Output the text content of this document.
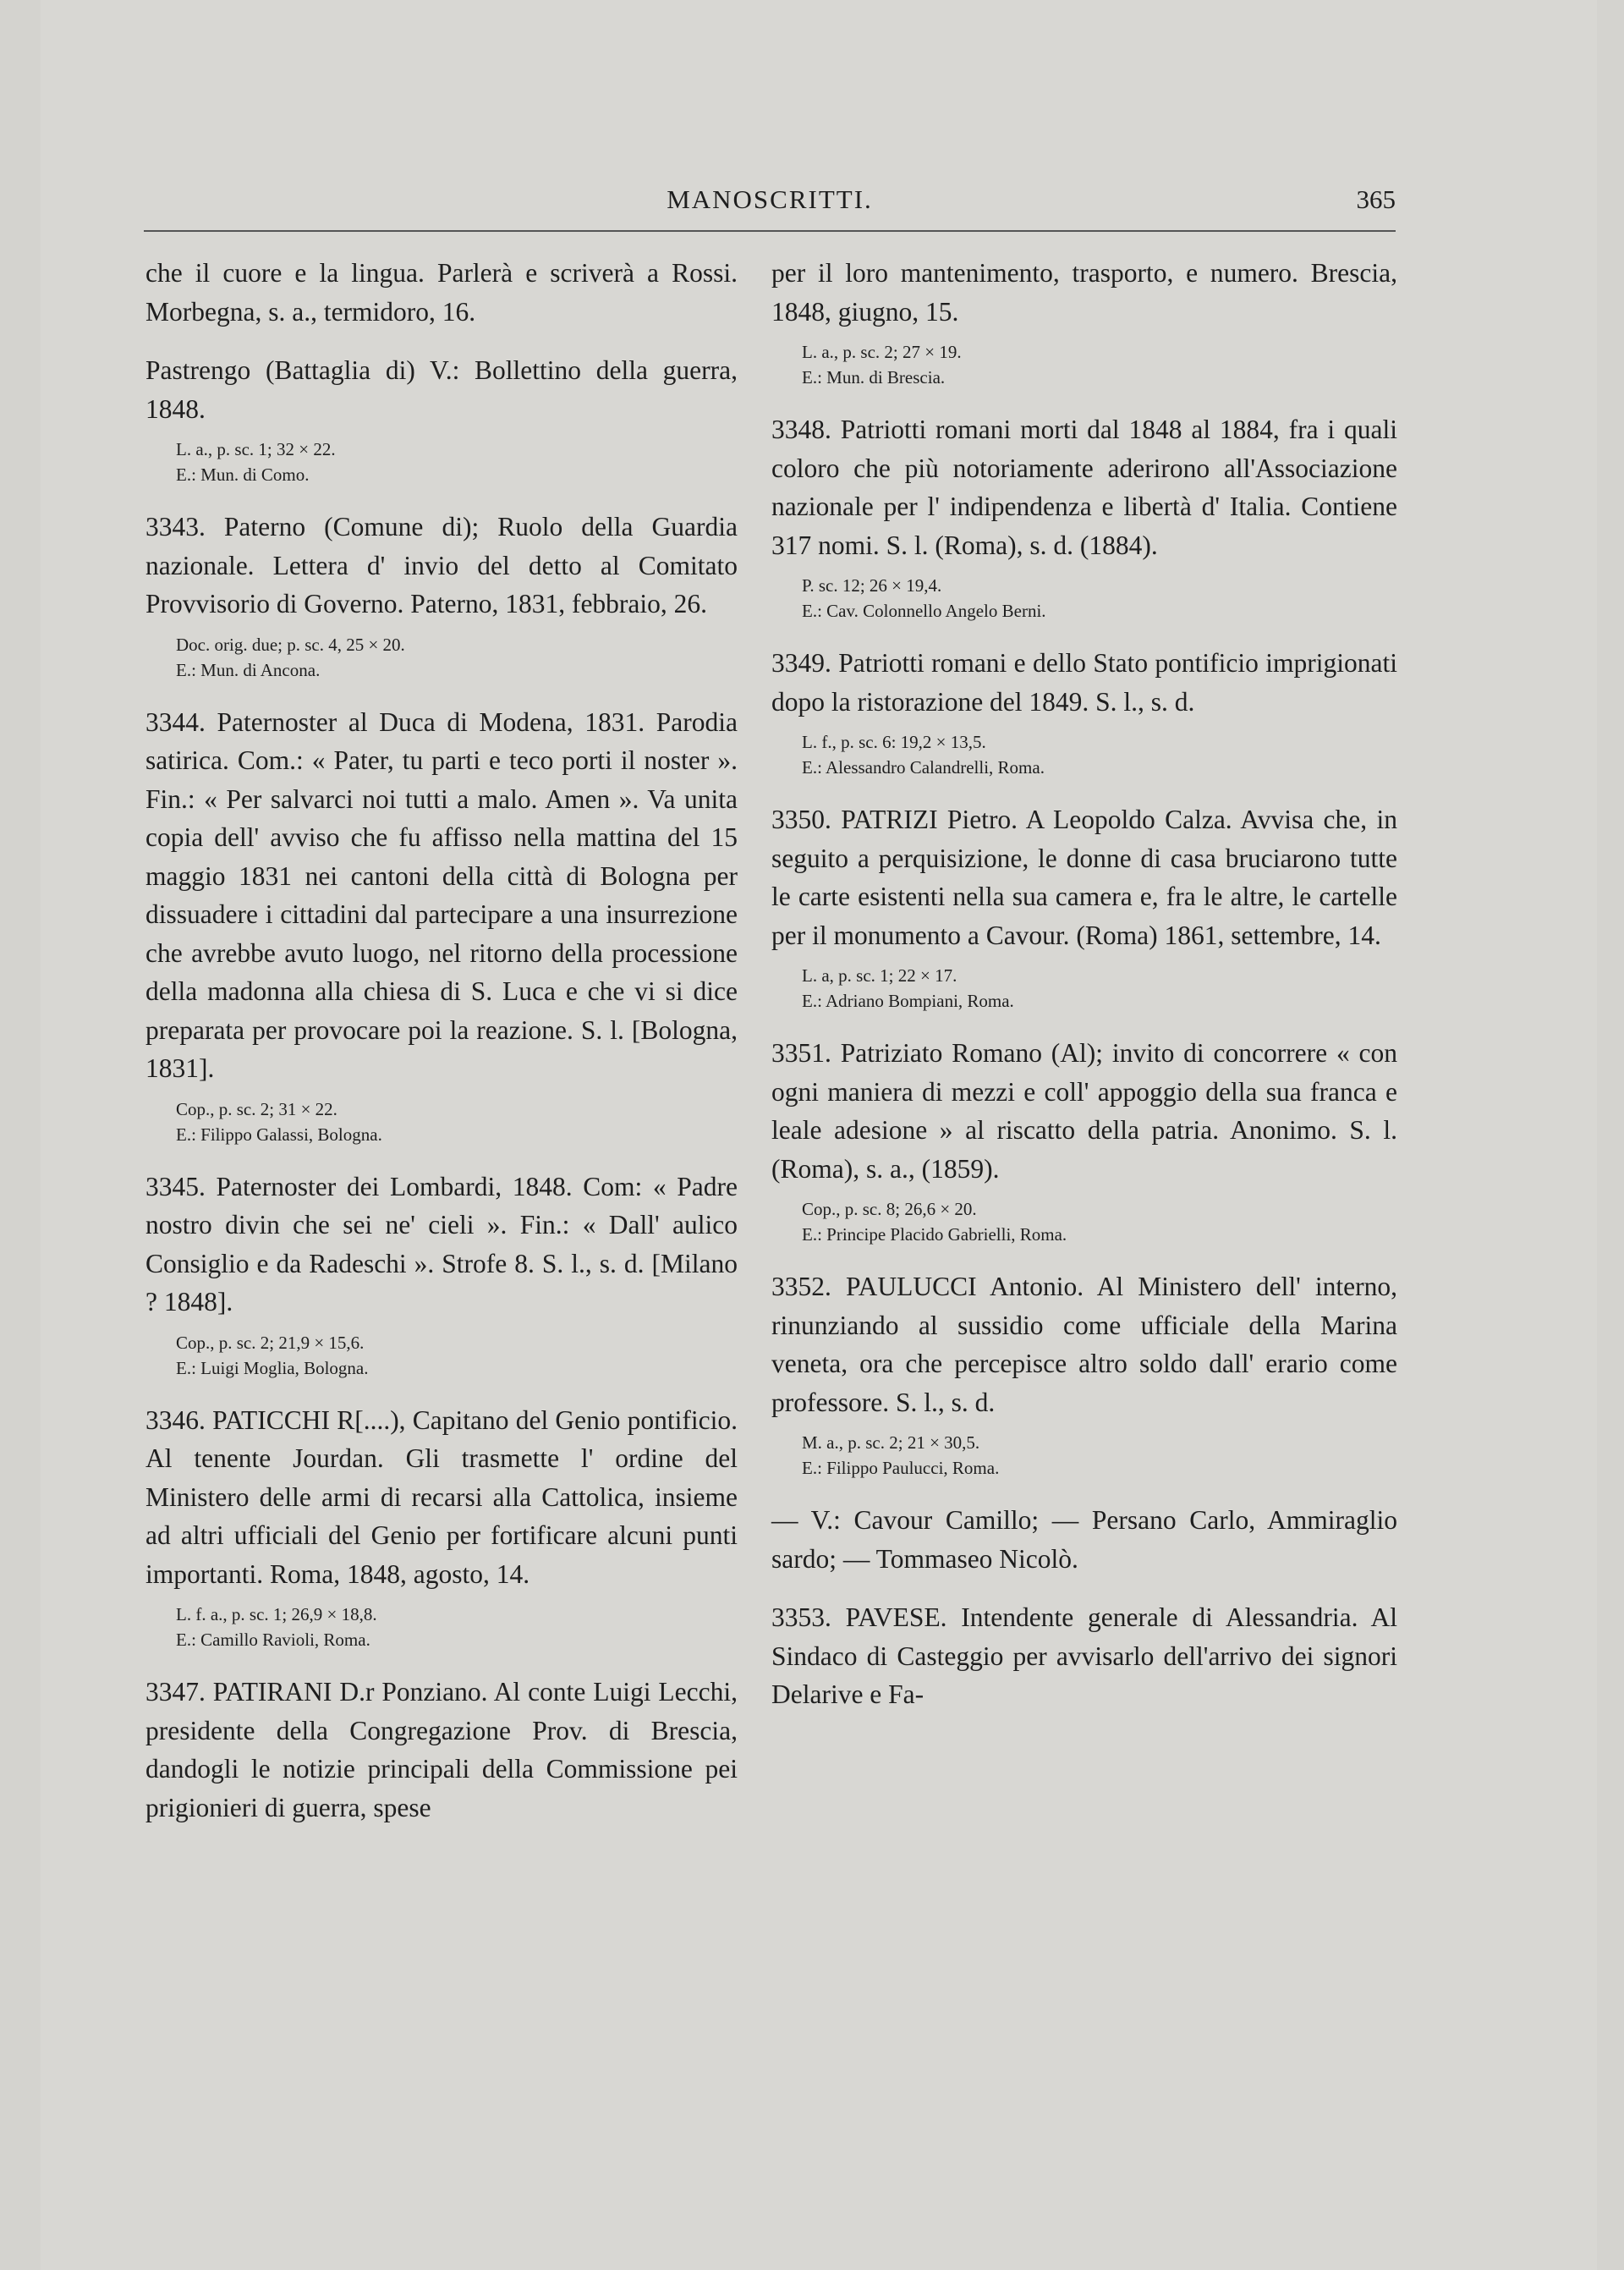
MANOSCRITTI.	365

che il cuore e la lingua. Parlerà e scriverà a Rossi. Morbegna, s. a., termidoro, 16.

Pastrengo (Battaglia di) V.: Bollettino della guerra, 1848.

L. a., p. sc. 1; 32 × 22.
E.: Mun. di Como.

3343. Paterno (Comune di); Ruolo della Guardia nazionale. Lettera d' invio del detto al Comitato Provvisorio di Governo. Paterno, 1831, febbraio, 26.

Doc. orig. due; p. sc. 4, 25 × 20.
E.: Mun. di Ancona.

3344. Paternoster al Duca di Modena, 1831. Parodia satirica. Com.: « Pater, tu parti e teco porti il noster ». Fin.: « Per salvarci noi tutti a malo. Amen ». Va unita copia dell' avviso che fu affisso nella mattina del 15 maggio 1831 nei cantoni della città di Bologna per dissuadere i cittadini dal partecipare a una insurrezione che avrebbe avuto luogo, nel ritorno della processione della madonna alla chiesa di S. Luca e che vi si dice preparata per provocare poi la reazione. S. l. [Bologna, 1831].

Cop., p. sc. 2; 31 × 22.
E.: Filippo Galassi, Bologna.

3345. Paternoster dei Lombardi, 1848. Com: « Padre nostro divin che sei ne' cieli ». Fin.: « Dall' aulico Consiglio e da Radeschi ». Strofe 8. S. l., s. d. [Milano ? 1848].

Cop., p. sc. 2; 21,9 × 15,6.
E.: Luigi Moglia, Bologna.

3346. PATICCHI R[....), Capitano del Genio pontificio. Al tenente Jourdan. Gli trasmette l' ordine del Ministero delle armi di recarsi alla Cattolica, insieme ad altri ufficiali del Genio per fortificare alcuni punti importanti. Roma, 1848, agosto, 14.

L. f. a., p. sc. 1; 26,9 × 18,8.
E.: Camillo Ravioli, Roma.

3347. PATIRANI D.r Ponziano. Al conte Luigi Lecchi, presidente della Congregazione Prov. di Brescia, dandogli le notizie principali della Commissione pei prigionieri di guerra, spese

per il loro mantenimento, trasporto, e numero. Brescia, 1848, giugno, 15.

L. a., p. sc. 2; 27 × 19.
E.: Mun. di Brescia.

3348. Patriotti romani morti dal 1848 al 1884, fra i quali coloro che più notoriamente aderirono all'Associazione nazionale per l' indipendenza e libertà d' Italia. Contiene 317 nomi. S. l. (Roma), s. d. (1884).

P. sc. 12; 26 × 19,4.
E.: Cav. Colonnello Angelo Berni.

3349. Patriotti romani e dello Stato pontificio imprigionati dopo la ristorazione del 1849. S. l., s. d.

L. f., p. sc. 6: 19,2 × 13,5.
E.: Alessandro Calandrelli, Roma.

3350. PATRIZI Pietro. A Leopoldo Calza. Avvisa che, in seguito a perquisizione, le donne di casa bruciarono tutte le carte esistenti nella sua camera e, fra le altre, le cartelle per il monumento a Cavour. (Roma) 1861, settembre, 14.

L. a, p. sc. 1; 22 × 17.
E.: Adriano Bompiani, Roma.

3351. Patriziato Romano (Al); invito di concorrere « con ogni maniera di mezzi e coll' appoggio della sua franca e leale adesione » al riscatto della patria. Anonimo. S. l. (Roma), s. a., (1859).

Cop., p. sc. 8; 26,6 × 20.
E.: Principe Placido Gabrielli, Roma.

3352. PAULUCCI Antonio. Al Ministero dell' interno, rinunziando al sussidio come ufficiale della Marina veneta, ora che percepisce altro soldo dall' erario come professore. S. l., s. d.

M. a., p. sc. 2; 21 × 30,5.
E.: Filippo Paulucci, Roma.

— V.: Cavour Camillo; — Persano Carlo, Ammiraglio sardo; — Tommaseo Nicolò.

3353. PAVESE. Intendente generale di Alessandria. Al Sindaco di Casteggio per avvisarlo dell'arrivo dei signori Delarive e Fa-
